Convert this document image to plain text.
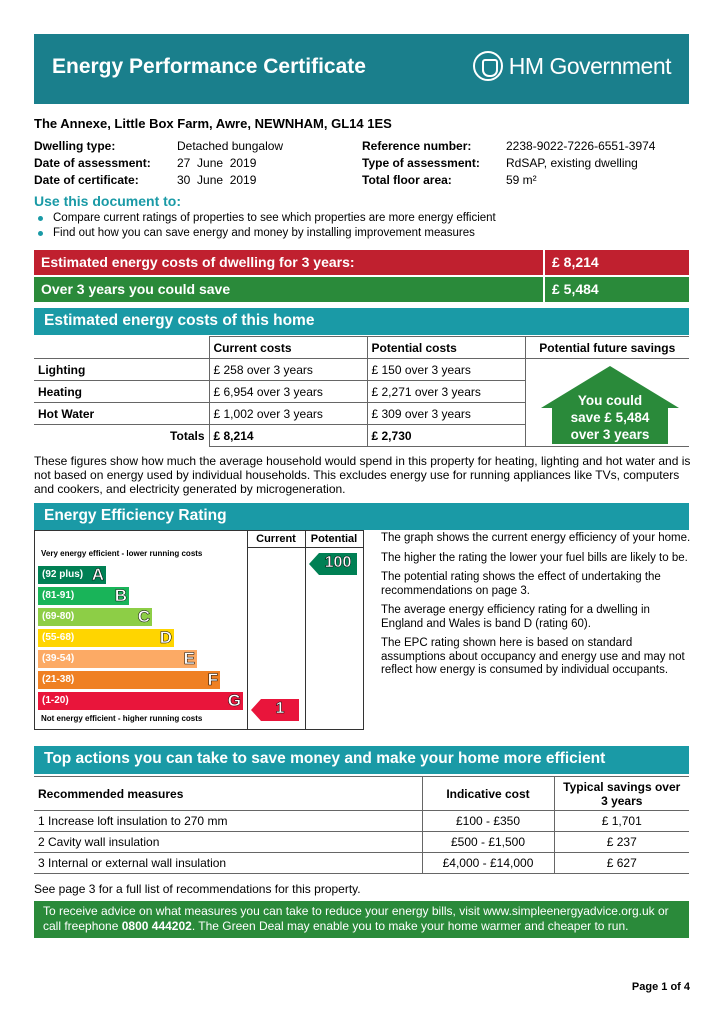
Energy Performance Certificate	HM Government
The Annexe, Little Box Farm, Awre, NEWNHAM, GL14 1ES
Dwelling type:	Detached bungalow
Date of assessment: 27  June  2019
Date of certificate:	30  June  2019
Reference number:	2238-9022-7226-6551-3974
Type of assessment: RdSAP, existing dwelling
Total floor area:	59 m²
Use this document to:
Compare current ratings of properties to see which properties are more energy efficient
Find out how you can save energy and money by installing improvement measures
Estimated energy costs of dwelling for 3 years:	£ 8,214
Over 3 years you could save	£ 5,484
Estimated energy costs of this home
	Current costs	Potential costs	Potential future savings
Lighting	£ 258 over 3 years	£ 150 over 3 years	
Heating	£ 6,954 over 3 years	£ 2,271 over 3 years	
Hot Water	£ 1,002 over 3 years	£ 309 over 3 years	
Totals	£ 8,214	£ 2,730	
You could
save £ 5,484
over 3 years
These figures show how much the average household would spend in this property for heating, lighting and hot water and is not based on energy used by individual households. This excludes energy use for running appliances like TVs, computers and cookers, and electricity generated by microgeneration.
Energy Efficiency Rating
Current	Potential
Very energy efficient - lower running costs
(92 plus) A
(81-91) B
(69-80)	C
(55-68)	D
(39-54)	E
(21-38)	F
(1-20)	G
Not energy efficient - higher running costs
100
1

The graph shows the current energy efficiency of your home.

The higher the rating the lower your fuel bills are likely to be.

The potential rating shows the effect of undertaking the recommendations on page 3.

The average energy efficiency rating for a dwelling in England and Wales is band D (rating 60).

The EPC rating shown here is based on standard assumptions about occupancy and energy use and may not reflect how energy is consumed by individual occupants.

Top actions you can take to save money and make your home more efficient
Recommended measures	Indicative cost	Typical savings over 3 years
1 Increase loft insulation to 270 mm	£100 - £350	£ 1,701
2 Cavity wall insulation	£500 - £1,500	£ 237
3 Internal or external wall insulation	£4,000 - £14,000	£ 627
See page 3 for a full list of recommendations for this property.
To receive advice on what measures you can take to reduce your energy bills, visit www.simpleenergyadvice.org.uk or call freephone 0800 444202. The Green Deal may enable you to make your home warmer and cheaper to run.
Page 1 of 4
